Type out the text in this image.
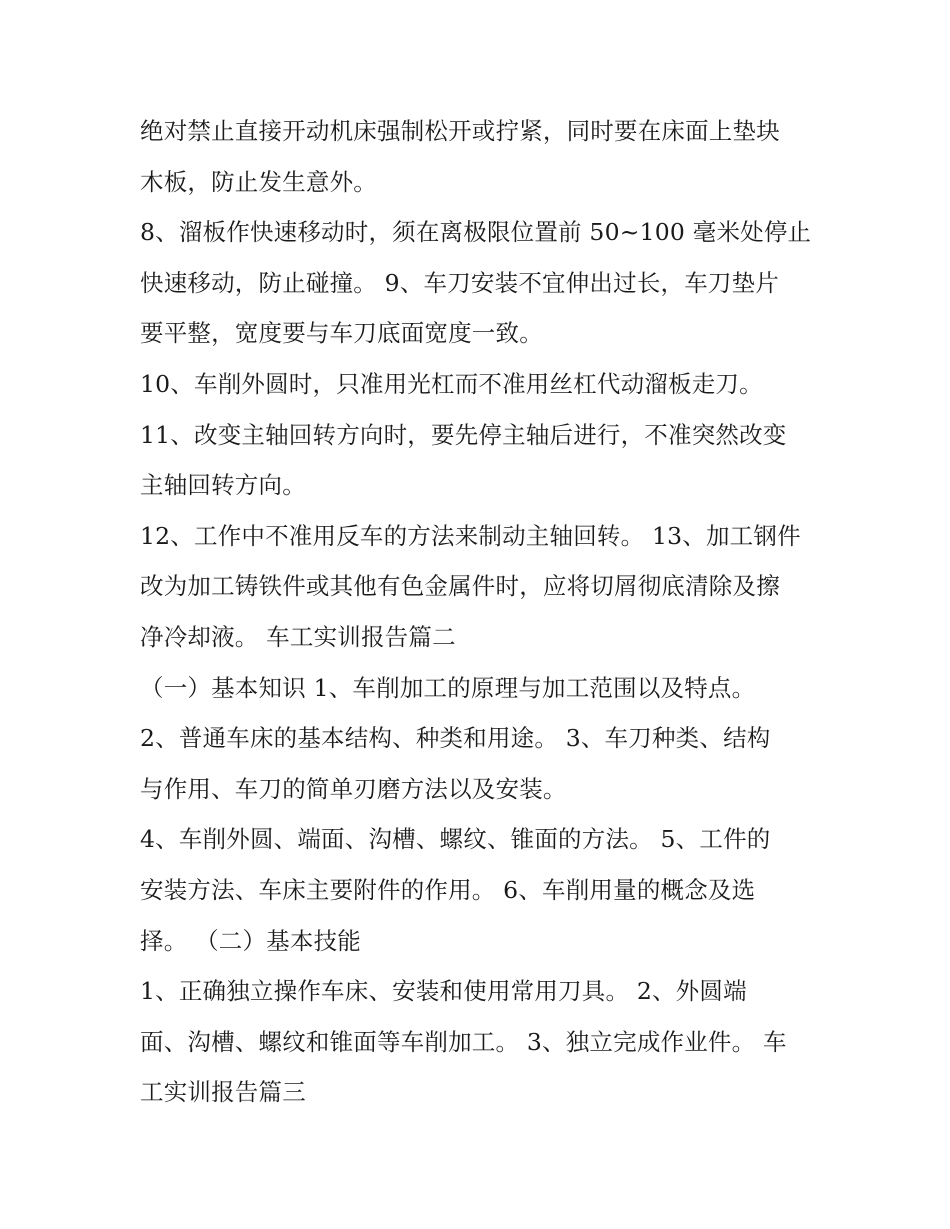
绝对禁止直接开动机床强制松开或拧紧，同时要在床面上垫块
木板，防止发生意外。
8、溜板作快速移动时，须在离极限位置前 50~100 毫米处停止
快速移动，防止碰撞。 9、车刀安装不宜伸出过长，车刀垫片
要平整，宽度要与车刀底面宽度一致。
10、车削外圆时，只准用光杠而不准用丝杠代动溜板走刀。
11、改变主轴回转方向时，要先停主轴后进行，不准突然改变
主轴回转方向。
12、工作中不准用反车的方法来制动主轴回转。 13、加工钢件
改为加工铸铁件或其他有色金属件时，应将切屑彻底清除及擦
净冷却液。 车工实训报告篇二
（一）基本知识 1、车削加工的原理与加工范围以及特点。
2、普通车床的基本结构、种类和用途。 3、车刀种类、结构
与作用、车刀的简单刃磨方法以及安装。
4、车削外圆、端面、沟槽、螺纹、锥面的方法。 5、工件的
安装方法、车床主要附件的作用。 6、车削用量的概念及选
择。 （二）基本技能
1、正确独立操作车床、安装和使用常用刀具。 2、外圆端
面、沟槽、螺纹和锥面等车削加工。 3、独立完成作业件。 车
工实训报告篇三
